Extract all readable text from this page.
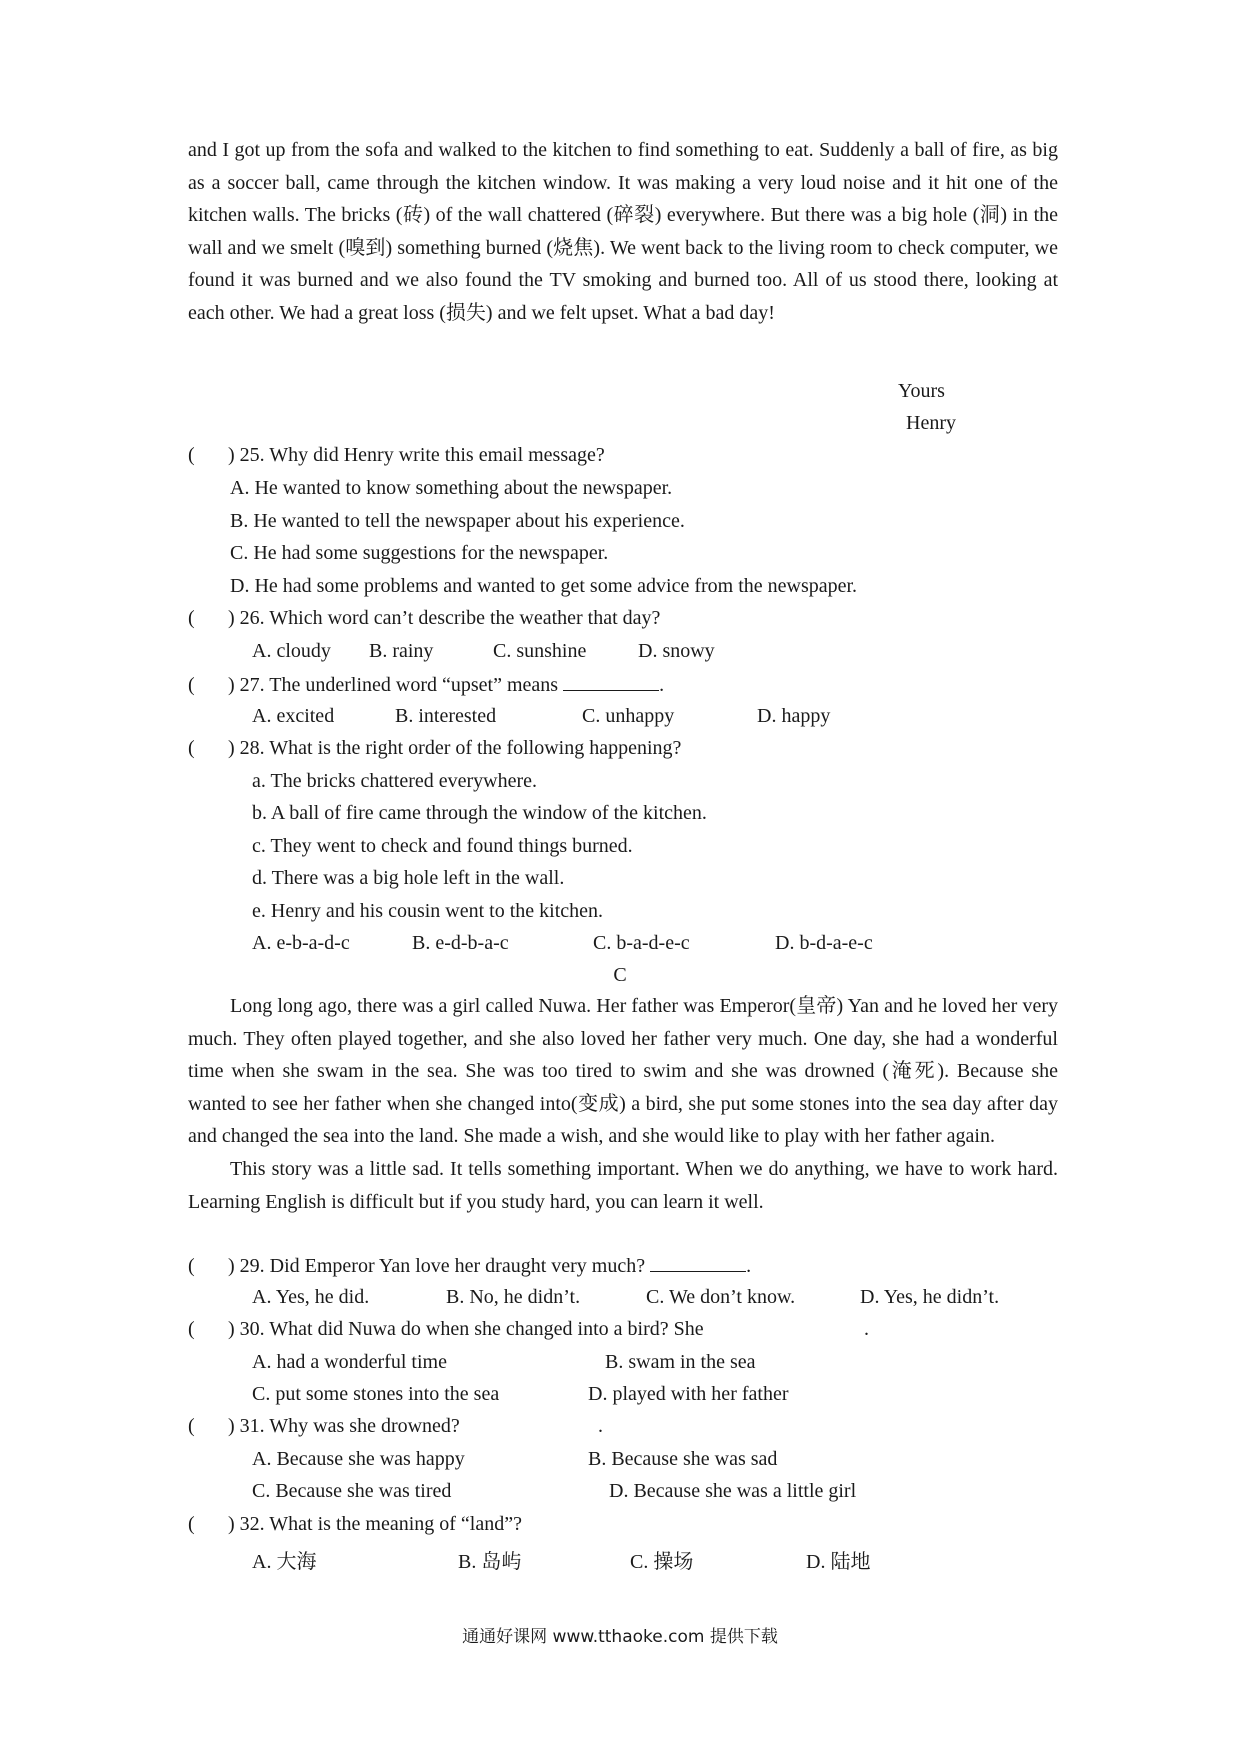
and I got up from the sofa and walked to the kitchen to find something to eat. Suddenly a ball of fire, as big as a soccer ball, came through the kitchen window. It was making a very loud noise and it hit one of the kitchen walls. The bricks (砖) of the wall chattered (碎裂) everywhere. But there was a big hole (洞) in the wall and we smelt (嗅到) something burned (烧焦). We went back to the living room to check computer, we found it was burned and we also found the TV smoking and burned too. All of us stood there, looking at each other. We had a great loss (损失) and we felt upset. What a bad day!

Yours
Henry
( ) 25. Why did Henry write this email message?
A. He wanted to know something about the newspaper.
B. He wanted to tell the newspaper about his experience.
C. He had some suggestions for the newspaper.
D. He had some problems and wanted to get some advice from the newspaper.
( ) 26. Which word can’t describe the weather that day?
A. cloudy B. rainy	C. sunshine	D. snowy
( ) 27. The underlined word “upset” means	.
A. excited	B. interested	C. unhappy	D. happy
( ) 28. What is the right order of the following happening?
a. The bricks chattered everywhere.
b. A ball of fire came through the window of the kitchen.
c. They went to check and found things burned.
d. There was a big hole left in the wall.
e. Henry and his cousin went to the kitchen.
A. e-b-a-d-c	B. e-d-b-a-c	C. b-a-d-e-c	D. b-d-a-e-c
C

Long long ago, there was a girl called Nuwa. Her father was Emperor(皇帝) Yan and he loved her very much. They often played together, and she also loved her father very much. One day, she had a wonderful time when she swam in the sea. She was too tired to swim and she was drowned (淹死). Because she wanted to see her father when she changed into(变成) a bird, she put some stones into the sea day after day and changed the sea into the land. She made a wish, and she would like to play with her father again.

This story was a little sad. It tells something important. When we do anything, we have to work hard. Learning English is difficult but if you study hard, you can learn it well.

( ) 29. Did Emperor Yan love her draught very much?	.
A. Yes, he did.	B. No, he didn’t.	C. We don’t know.	D. Yes, he didn’t.
( ) 30. What did Nuwa do when she changed into a bird? She	.
A. had a wonderful time	B. swam in the sea
C. put some stones into the sea	D. played with her father
( ) 31. Why was she drowned?	.
A. Because she was happy	B. Because she was sad
C. Because she was tired	D. Because she was a little girl
( ) 32. What is the meaning of “land”?
A. 大海	B. 岛屿	C. 操场	D. 陆地
通通好课网 www.tthaoke.com 提供下载
